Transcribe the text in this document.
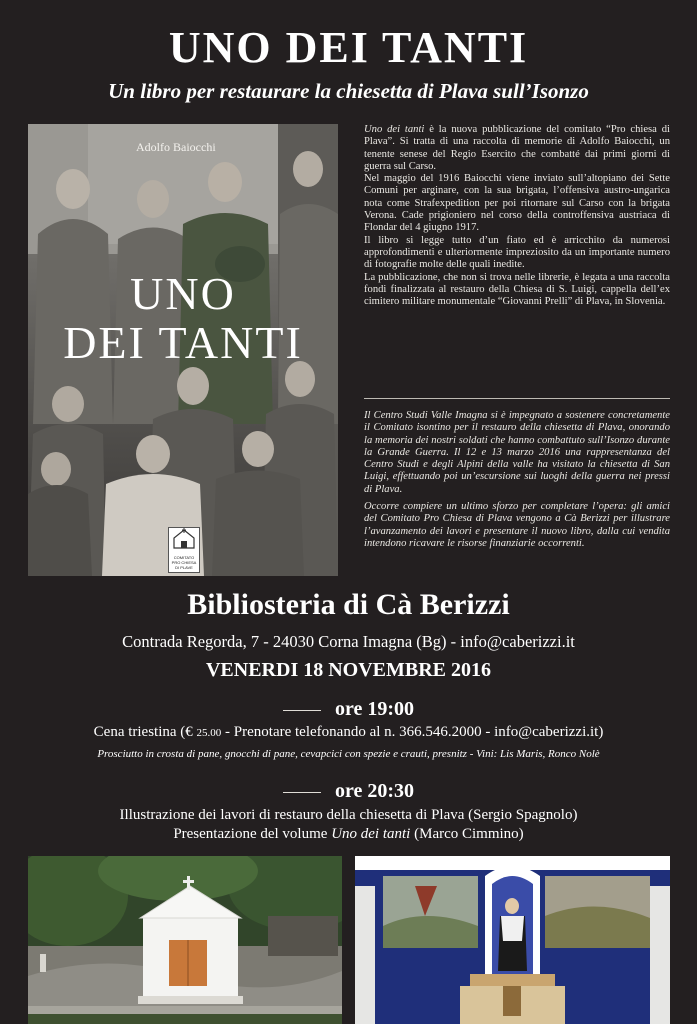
UNO DEI TANTI
Un libro per restaurare la chiesetta di Plava sull’Isonzo
Adolfo Baiocchi
UNO
DEI TANTI
COMITATO
PRO CHIESA
DI PLAVE

Uno dei tanti è la nuova pubblicazione del comitato “Pro chiesa di Plava”. Si tratta di una raccolta di memorie di Adolfo Baiocchi, un tenente senese del Regio Esercito che combatté dai primi giorni di guerra sul Carso.

Nel maggio del 1916 Baiocchi viene inviato sull’altopiano dei Sette Comuni per arginare, con la sua brigata, l’offensiva austro-ungarica nota come Strafexpedition per poi ritornare sul Carso con la brigata Verona. Cade prigioniero nel corso della controffensiva austriaca di Flondar del 4 giugno 1917.

Il libro si legge tutto d’un fiato ed è arricchito da numerosi approfondimenti e ulteriormente impreziosito da un importante numero di fotografie molte delle quali inedite.

La pubblicazione, che non si trova nelle librerie, è legata a una raccolta fondi finalizzata al restauro della Chiesa di S. Luigi, cappella dell’ex cimitero militare monumentale “Giovanni Prelli” di Plava, in Slovenia.

Il Centro Studi Valle Imagna si è impegnato a sostenere concretamente il Comitato isontino per il restauro della chiesetta di Plava, onorando la memoria dei nostri soldati che hanno combattuto sull’Isonzo durante la Grande Guerra. Il 12 e 13 marzo 2016 una rappresentanza del Centro Studi e degli Alpini della valle ha visitato la chiesetta di San Luigi, effettuando poi un’escursione sui luoghi della guerra nei pressi di Plava.

Occorre compiere un ultimo sforzo per completare l’opera: gli amici del Comitato Pro Chiesa di Plava vengono a Cà Berizzi per illustrare l’avanzamento dei lavori e presentare il nuovo libro, dalla cui vendita intendono ricavare le risorse finanziarie occorrenti.

Bibliosteria di Cà Berizzi
Contrada Regorda, 7 - 24030 Corna Imagna (Bg) - info@caberizzi.it
VENERDI 18 NOVEMBRE 2016
ore 19:00
Cena triestina (€ 25.00 - Prenotare telefonando al n. 366.546.2000 - info@caberizzi.it)
Prosciutto in crosta di pane, gnocchi di pane, cevapcici con spezie e crauti, presnitz - Vini: Lis Maris, Ronco Nolè
ore 20:30
Illustrazione dei lavori di restauro della chiesetta di Plava (Sergio Spagnolo)
Presentazione del volume Uno dei tanti (Marco Cimmino)
